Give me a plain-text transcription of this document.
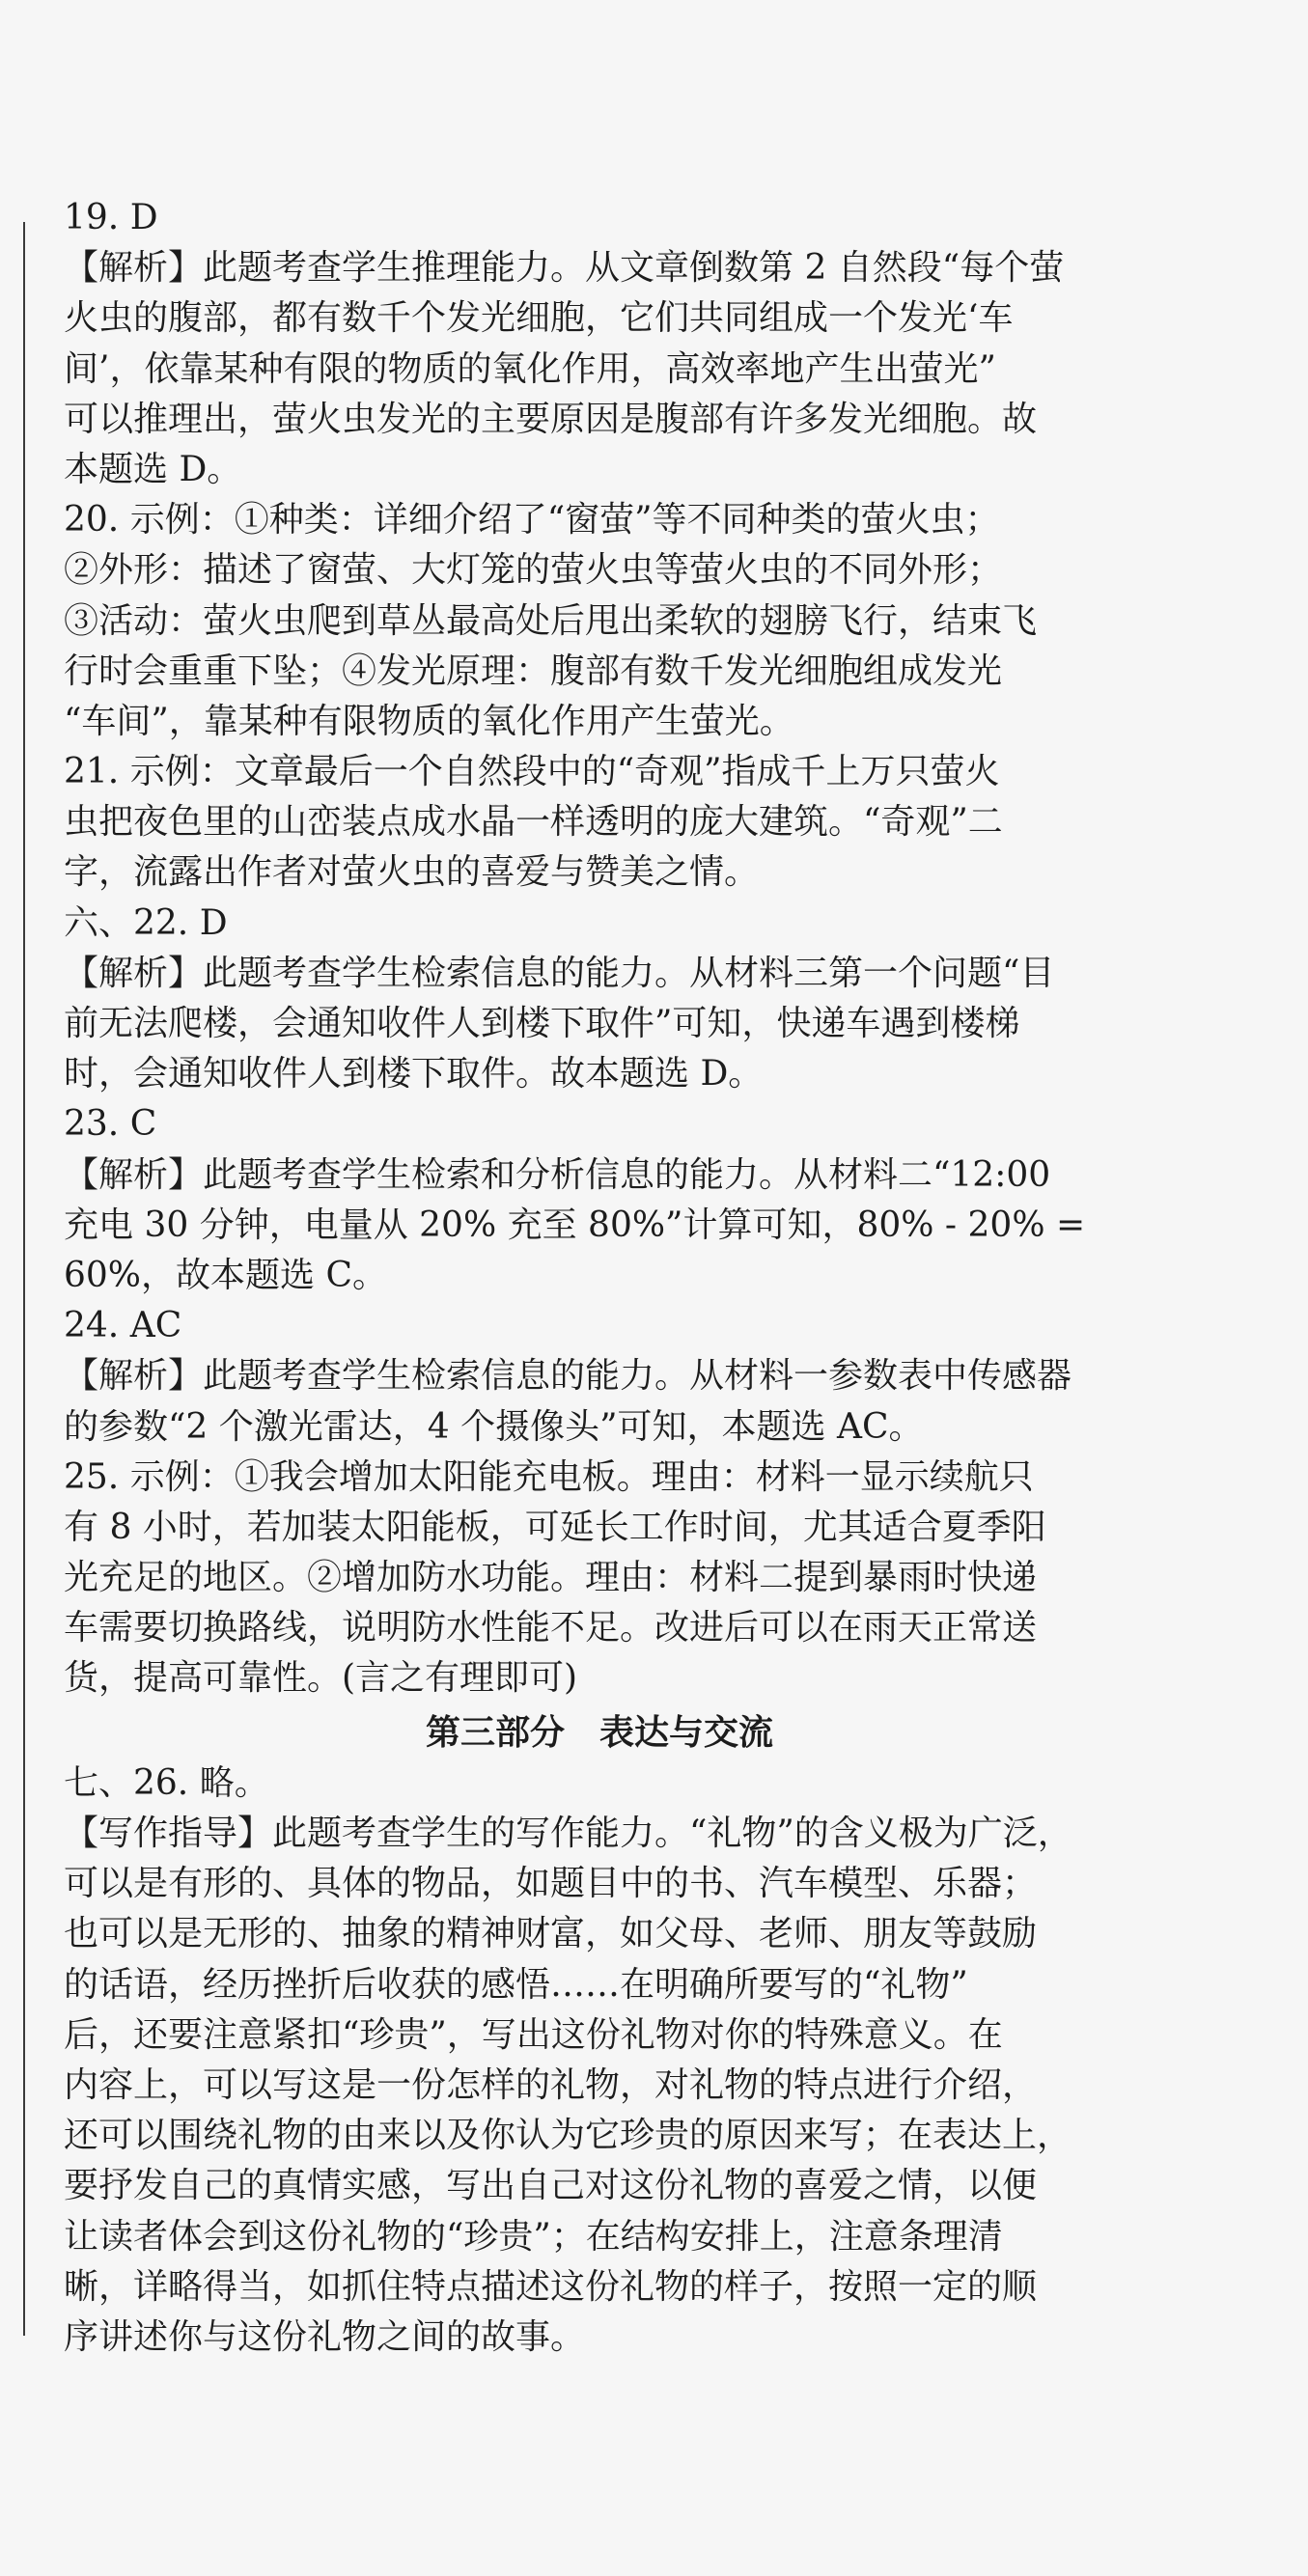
19. D
【解析】此题考查学生推理能力。从文章倒数第 2 自然段“每个萤
火虫的腹部，都有数千个发光细胞，它们共同组成一个发光‘车
间’，依靠某种有限的物质的氧化作用，高效率地产生出萤光”
可以推理出，萤火虫发光的主要原因是腹部有许多发光细胞。故
本题选 D。
20. 示例：①种类：详细介绍了“窗萤”等不同种类的萤火虫；
②外形：描述了窗萤、大灯笼的萤火虫等萤火虫的不同外形；
③活动：萤火虫爬到草丛最高处后甩出柔软的翅膀飞行，结束飞
行时会重重下坠；④发光原理：腹部有数千发光细胞组成发光
“车间”，靠某种有限物质的氧化作用产生萤光。
21. 示例：文章最后一个自然段中的“奇观”指成千上万只萤火
虫把夜色里的山峦装点成水晶一样透明的庞大建筑。“奇观”二
字，流露出作者对萤火虫的喜爱与赞美之情。
六、22. D
【解析】此题考查学生检索信息的能力。从材料三第一个问题“目
前无法爬楼，会通知收件人到楼下取件”可知，快递车遇到楼梯
时，会通知收件人到楼下取件。故本题选 D。
23. C
【解析】此题考查学生检索和分析信息的能力。从材料二“12:00
充电 30 分钟，电量从 20% 充至 80%”计算可知，80% - 20% =
60%，故本题选 C。
24. AC
【解析】此题考查学生检索信息的能力。从材料一参数表中传感器
的参数“2 个激光雷达，4 个摄像头”可知，本题选 AC。
25. 示例：①我会增加太阳能充电板。理由：材料一显示续航只
有 8 小时，若加装太阳能板，可延长工作时间，尤其适合夏季阳
光充足的地区。②增加防水功能。理由：材料二提到暴雨时快递
车需要切换路线，说明防水性能不足。改进后可以在雨天正常送
货，提高可靠性。(言之有理即可)
第三部分　表达与交流
七、26. 略。
【写作指导】此题考查学生的写作能力。“礼物”的含义极为广泛，
可以是有形的、具体的物品，如题目中的书、汽车模型、乐器；
也可以是无形的、抽象的精神财富，如父母、老师、朋友等鼓励
的话语，经历挫折后收获的感悟……在明确所要写的“礼物”
后，还要注意紧扣“珍贵”，写出这份礼物对你的特殊意义。在
内容上，可以写这是一份怎样的礼物，对礼物的特点进行介绍，
还可以围绕礼物的由来以及你认为它珍贵的原因来写；在表达上，
要抒发自己的真情实感，写出自己对这份礼物的喜爱之情，以便
让读者体会到这份礼物的“珍贵”；在结构安排上，注意条理清
晰，详略得当，如抓住特点描述这份礼物的样子，按照一定的顺
序讲述你与这份礼物之间的故事。
